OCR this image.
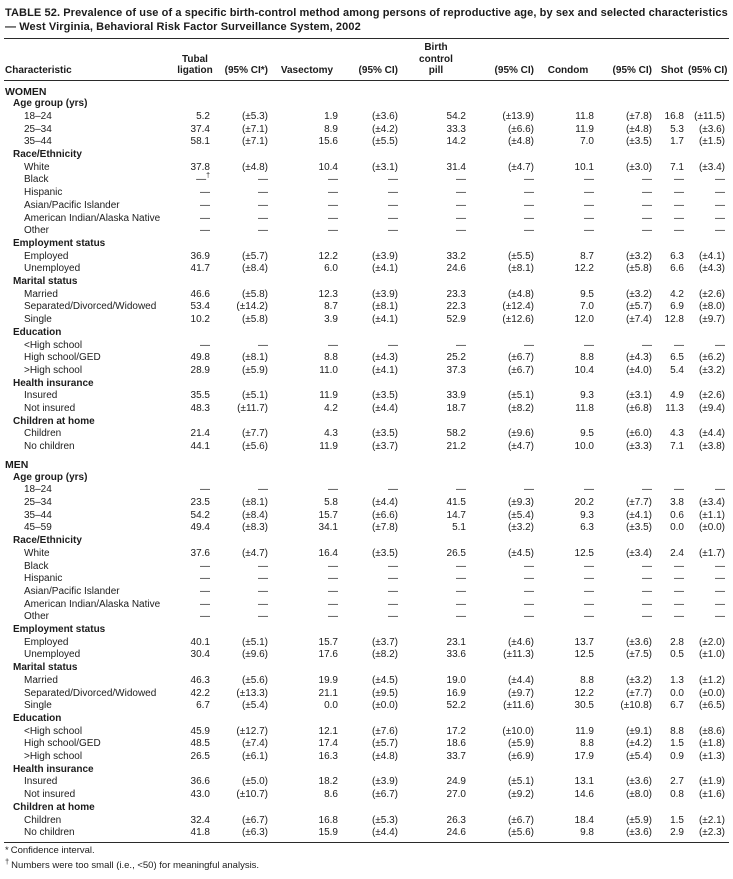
TABLE 52. Prevalence of use of a specific birth-control method among persons of reproductive age, by sex and selected characteristics — West Virginia, Behavioral Risk Factor Surveillance System, 2002
Characteristic

Tubal
ligation	(95% CI*)	Vasectomy	(95% CI)

Birth
control
pill	(95% CI)	Condom	(95% CI)	Shot	(95% CI)

WOMEN										
Age group (yrs)										
18–24	5.2	(±5.3)	1.9	(±3.6)	54.2	(±13.9)	11.8	(±7.8)	16.8	(±11.5)
25–34	37.4	(±7.1)	8.9	(±4.2)	33.3	(±6.6)	11.9	(±4.8)	5.3	(±3.6)
35–44	58.1	(±7.1)	15.6	(±5.5)	14.2	(±4.8)	7.0	(±3.5)	1.7	(±1.5)
Race/Ethnicity										
White	37.8	(±4.8)	10.4	(±3.1)	31.4	(±4.7)	10.1	(±3.0)	7.1	(±3.4)
Black	—†	—	—	—	—	—	—	—	—	—
Hispanic	—	—	—	—	—	—	—	—	—	—
Asian/Pacific Islander	—	—	—	—	—	—	—	—	—	—
American Indian/Alaska Native	—	—	—	—	—	—	—	—	—	—
Other	—	—	—	—	—	—	—	—	—	—
Employment status										
Employed	36.9	(±5.7)	12.2	(±3.9)	33.2	(±5.5)	8.7	(±3.2)	6.3	(±4.1)
Unemployed	41.7	(±8.4)	6.0	(±4.1)	24.6	(±8.1)	12.2	(±5.8)	6.6	(±4.3)
Marital status										
Married	46.6	(±5.8)	12.3	(±3.9)	23.3	(±4.8)	9.5	(±3.2)	4.2	(±2.6)
Separated/Divorced/Widowed	53.4	(±14.2)	8.7	(±8.1)	22.3	(±12.4)	7.0	(±5.7)	6.9	(±8.0)
Single	10.2	(±5.8)	3.9	(±4.1)	52.9	(±12.6)	12.0	(±7.4)	12.8	(±9.7)
Education										
<High school	—	—	—	—	—	—	—	—	—	—
High school/GED	49.8	(±8.1)	8.8	(±4.3)	25.2	(±6.7)	8.8	(±4.3)	6.5	(±6.2)
>High school	28.9	(±5.9)	11.0	(±4.1)	37.3	(±6.7)	10.4	(±4.0)	5.4	(±3.2)
Health insurance										
Insured	35.5	(±5.1)	11.9	(±3.5)	33.9	(±5.1)	9.3	(±3.1)	4.9	(±2.6)
Not insured	48.3	(±11.7)	4.2	(±4.4)	18.7	(±8.2)	11.8	(±6.8)	11.3	(±9.4)
Children at home										
Children	21.4	(±7.7)	4.3	(±3.5)	58.2	(±9.6)	9.5	(±6.0)	4.3	(±4.4)
No children	44.1	(±5.6)	11.9	(±3.7)	21.2	(±4.7)	10.0	(±3.3)	7.1	(±3.8)
MEN										
Age group (yrs)										
18–24	—	—	—	—	—	—	—	—	—	—
25–34	23.5	(±8.1)	5.8	(±4.4)	41.5	(±9.3)	20.2	(±7.7)	3.8	(±3.4)
35–44	54.2	(±8.4)	15.7	(±6.6)	14.7	(±5.4)	9.3	(±4.1)	0.6	(±1.1)
45–59	49.4	(±8.3)	34.1	(±7.8)	5.1	(±3.2)	6.3	(±3.5)	0.0	(±0.0)
Race/Ethnicity										
White	37.6	(±4.7)	16.4	(±3.5)	26.5	(±4.5)	12.5	(±3.4)	2.4	(±1.7)
Black	—	—	—	—	—	—	—	—	—	—
Hispanic	—	—	—	—	—	—	—	—	—	—
Asian/Pacific Islander	—	—	—	—	—	—	—	—	—	—
American Indian/Alaska Native	—	—	—	—	—	—	—	—	—	—
Other	—	—	—	—	—	—	—	—	—	—
Employment status										
Employed	40.1	(±5.1)	15.7	(±3.7)	23.1	(±4.6)	13.7	(±3.6)	2.8	(±2.0)
Unemployed	30.4	(±9.6)	17.6	(±8.2)	33.6	(±11.3)	12.5	(±7.5)	0.5	(±1.0)
Marital status										
Married	46.3	(±5.6)	19.9	(±4.5)	19.0	(±4.4)	8.8	(±3.2)	1.3	(±1.2)
Separated/Divorced/Widowed	42.2	(±13.3)	21.1	(±9.5)	16.9	(±9.7)	12.2	(±7.7)	0.0	(±0.0)
Single	6.7	(±5.4)	0.0	(±0.0)	52.2	(±11.6)	30.5	(±10.8)	6.7	(±6.5)
Education										
<High school	45.9	(±12.7)	12.1	(±7.6)	17.2	(±10.0)	11.9	(±9.1)	8.8	(±8.6)
High school/GED	48.5	(±7.4)	17.4	(±5.7)	18.6	(±5.9)	8.8	(±4.2)	1.5	(±1.8)
>High school	26.5	(±6.1)	16.3	(±4.8)	33.7	(±6.9)	17.9	(±5.4)	0.9	(±1.3)
Health insurance										
Insured	36.6	(±5.0)	18.2	(±3.9)	24.9	(±5.1)	13.1	(±3.6)	2.7	(±1.9)
Not insured	43.0	(±10.7)	8.6	(±6.7)	27.0	(±9.2)	14.6	(±8.0)	0.8	(±1.6)
Children at home										
Children	32.4	(±6.7)	16.8	(±5.3)	26.3	(±6.7)	18.4	(±5.9)	1.5	(±2.1)
No children	41.8	(±6.3)	15.9	(±4.4)	24.6	(±5.6)	9.8	(±3.6)	2.9	(±2.3)
* Confidence interval.
† Numbers were too small (i.e., <50) for meaningful analysis.
